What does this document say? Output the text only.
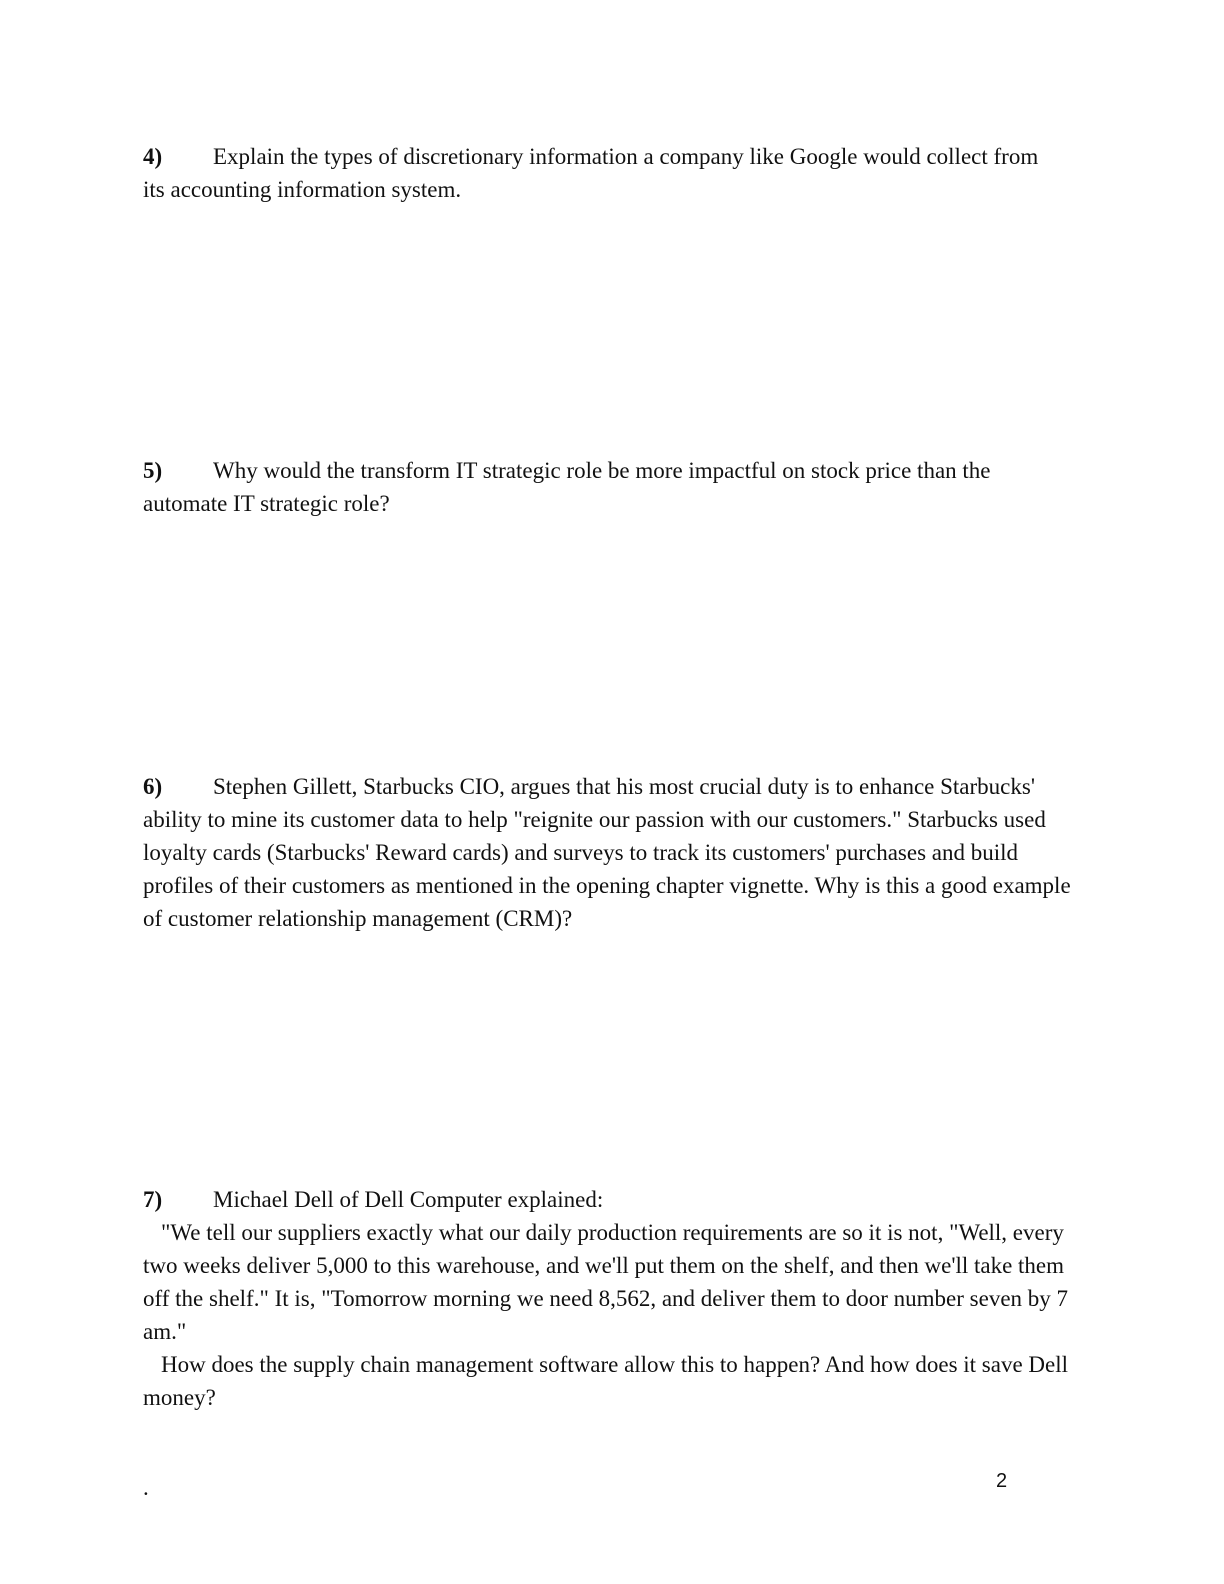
4) Explain the types of discretionary information a company like Google would collect from
its accounting information system.
5) Why would the transform IT strategic role be more impactful on stock price than the
automate IT strategic role?
6) Stephen Gillett, Starbucks CIO, argues that his most crucial duty is to enhance Starbucks'
ability to mine its customer data to help "reignite our passion with our customers." Starbucks used loyalty cards (Starbucks' Reward cards) and surveys to track its customers' purchases and build profiles of their customers as mentioned in the opening chapter vignette. Why is this a good example of customer relationship management (CRM)?
7) Michael Dell of Dell Computer explained:
"We tell our suppliers exactly what our daily production requirements are so it is not, "Well, every two weeks deliver 5,000 to this warehouse, and we'll put them on the shelf, and then we'll take them off the shelf." It is, "Tomorrow morning we need 8,562, and deliver them to door number seven by 7 am."
How does the supply chain management software allow this to happen? And how does it save Dell money?
.	2
